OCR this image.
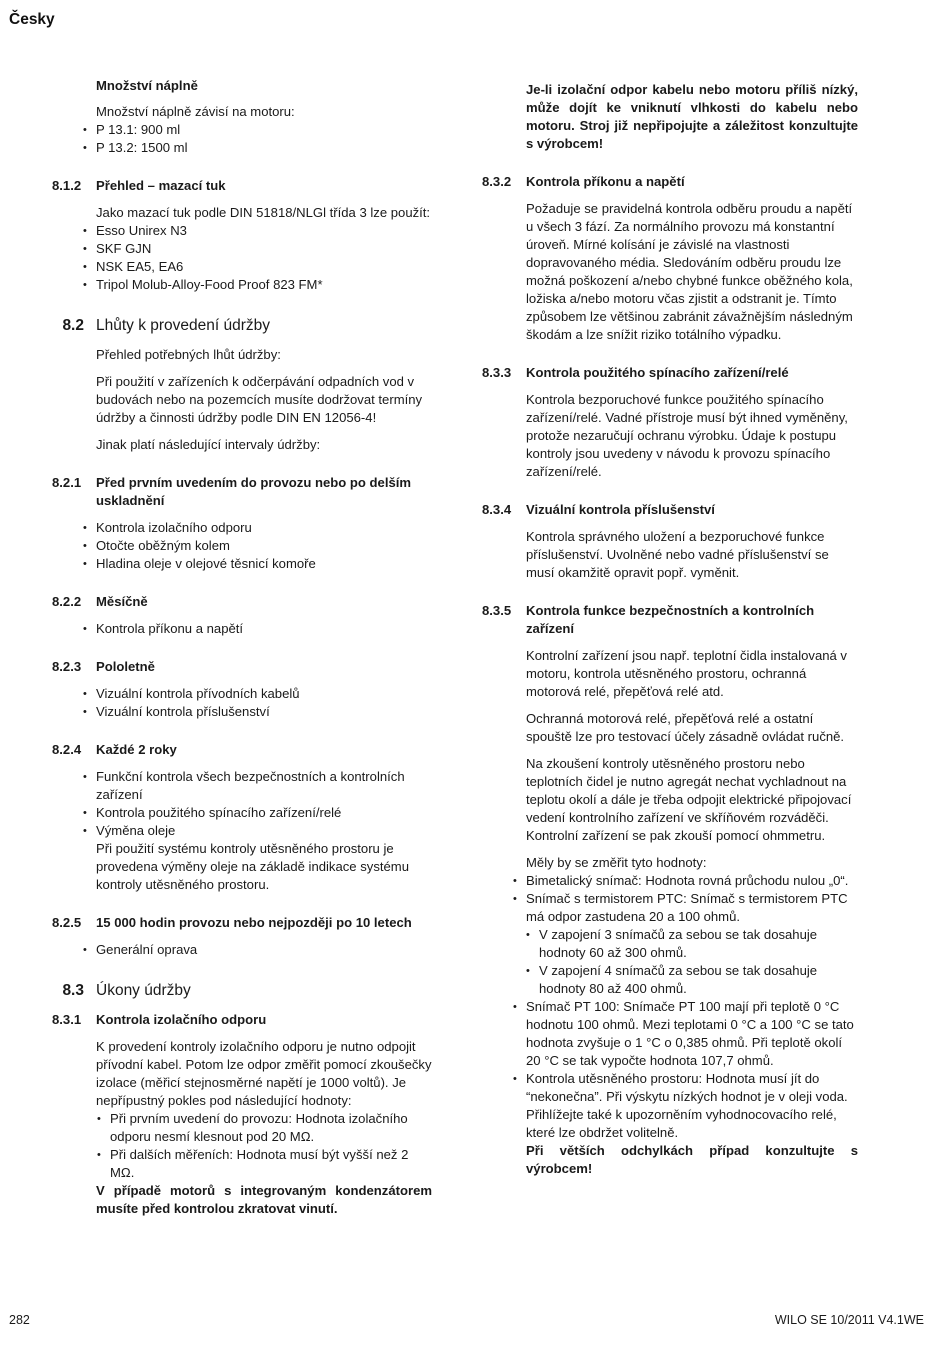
Česky
Množství náplně
Množství náplně závisí na motoru:
• P 13.1: 900 ml
• P 13.2: 1500 ml
8.1.2	Přehled – mazací tuk
Jako mazací tuk podle DIN 51818/NLGl třída 3 lze použít:
• Esso Unirex N3
• SKF GJN
• NSK EA5, EA6
• Tripol Molub-Alloy-Food Proof 823 FM*
8.2 Lhůty k provedení údržby
Přehled potřebných lhůt údržby:
Při použití v zařízeních k odčerpávání odpadních vod v budovách nebo na pozemcích musíte dodržovat termíny údržby a činnosti údržby podle DIN EN 12056-4!
Jinak platí následující intervaly údržby:
8.2.1	Před prvním uvedením do provozu nebo po delším uskladnění
• Kontrola izolačního odporu
• Otočte oběžným kolem
• Hladina oleje v olejové těsnicí komoře
8.2.2	Měsíčně
• Kontrola příkonu a napětí
8.2.3	Pololetně
• Vizuální kontrola přívodních kabelů
• Vizuální kontrola příslušenství
8.2.4	Každé 2 roky
• Funkční kontrola všech bezpečnostních a kontrolních zařízení
• Kontrola použitého spínacího zařízení/relé
• Výměna oleje
Při použití systému kontroly utěsněného prostoru je provedena výměny oleje na základě indikace systému kontroly utěsněného prostoru.
8.2.5	15 000 hodin provozu nebo nejpozději po 10 letech
• Generální oprava
8.3 Úkony údržby
8.3.1	Kontrola izolačního odporu
K provedení kontroly izolačního odporu je nutno odpojit přívodní kabel. Potom lze odpor změřit pomocí zkoušečky izolace (měřicí stejnosměrné napětí je 1000 voltů). Je nepřípustný pokles pod následující hodnoty:
• Při prvním uvedení do provozu: Hodnota izolačního odporu nesmí klesnout pod 20 MΩ.
• Při dalších měřeních: Hodnota musí být vyšší než 2 MΩ.
V případě motorů s integrovaným kondenzátorem musíte před kontrolou zkratovat vinutí.
Je-li izolační odpor kabelu nebo motoru příliš nízký, může dojít ke vniknutí vlhkosti do kabelu nebo motoru. Stroj již nepřipojujte a záležitost konzultujte s výrobcem!
8.3.2	Kontrola příkonu a napětí
Požaduje se pravidelná kontrola odběru proudu a napětí u všech 3 fází. Za normálního provozu má konstantní úroveň. Mírné kolísání je závislé na vlastnosti dopravovaného média. Sledováním odběru proudu lze možná poškození a/nebo chybné funkce oběžného kola, ložiska a/nebo motoru včas zjistit a odstranit je. Tímto způsobem lze většinou zabránit závažnějším následným škodám a lze snížit riziko totálního výpadku.
8.3.3	Kontrola použitého spínacího zařízení/relé
Kontrola bezporuchové funkce použitého spínacího zařízení/relé. Vadné přístroje musí být ihned vyměněny, protože nezaručují ochranu výrobku. Údaje k postupu kontroly jsou uvedeny v návodu k provozu spínacího zařízení/relé.
8.3.4	Vizuální kontrola příslušenství
Kontrola správného uložení a bezporuchové funkce příslušenství. Uvolněné nebo vadné příslušenství se musí okamžitě opravit popř. vyměnit.
8.3.5	Kontrola funkce bezpečnostních a kontrolních zařízení
Kontrolní zařízení jsou např. teplotní čidla instalovaná v motoru, kontrola utěsněného prostoru, ochranná motorová relé, přepěťová relé atd.
Ochranná motorová relé, přepěťová relé a ostatní spouště lze pro testovací účely zásadně ovládat ručně.
Na zkoušení kontroly utěsněného prostoru nebo teplotních čidel je nutno agregát nechat vychladnout na teplotu okolí a dále je třeba odpojit elektrické připojovací vedení kontrolního zařízení ve skříňovém rozváděči. Kontrolní zařízení se pak zkouší pomocí ohmmetru.
Měly by se změřit tyto hodnoty:
• Bimetalický snímač: Hodnota rovná průchodu nulou „0“.
• Snímač s termistorem PTC: Snímač s termistorem PTC má odpor zastudena 20 a 100 ohmů.
• V zapojení 3 snímačů za sebou se tak dosahuje hodnoty 60 až 300 ohmů.
• V zapojení 4 snímačů za sebou se tak dosahuje hodnoty 80 až 400 ohmů.
• Snímač PT 100: Snímače PT 100 mají při teplotě 0 °C hodnotu 100 ohmů. Mezi teplotami 0 °C a 100 °C se tato hodnota zvyšuje o 1 °C o 0,385 ohmů. Při teplotě okolí 20 °C se tak vypočte hodnota 107,7 ohmů.
• Kontrola utěsněného prostoru: Hodnota musí jít do “nekonečna”. Při výskytu nízkých hodnot je v oleji voda. Přihlížejte také k upozorněním vyhodnocovacího relé, které lze obdržet volitelně.
Při větších odchylkách případ konzultujte s výrobcem!
282	WILO SE 10/2011 V4.1WE
